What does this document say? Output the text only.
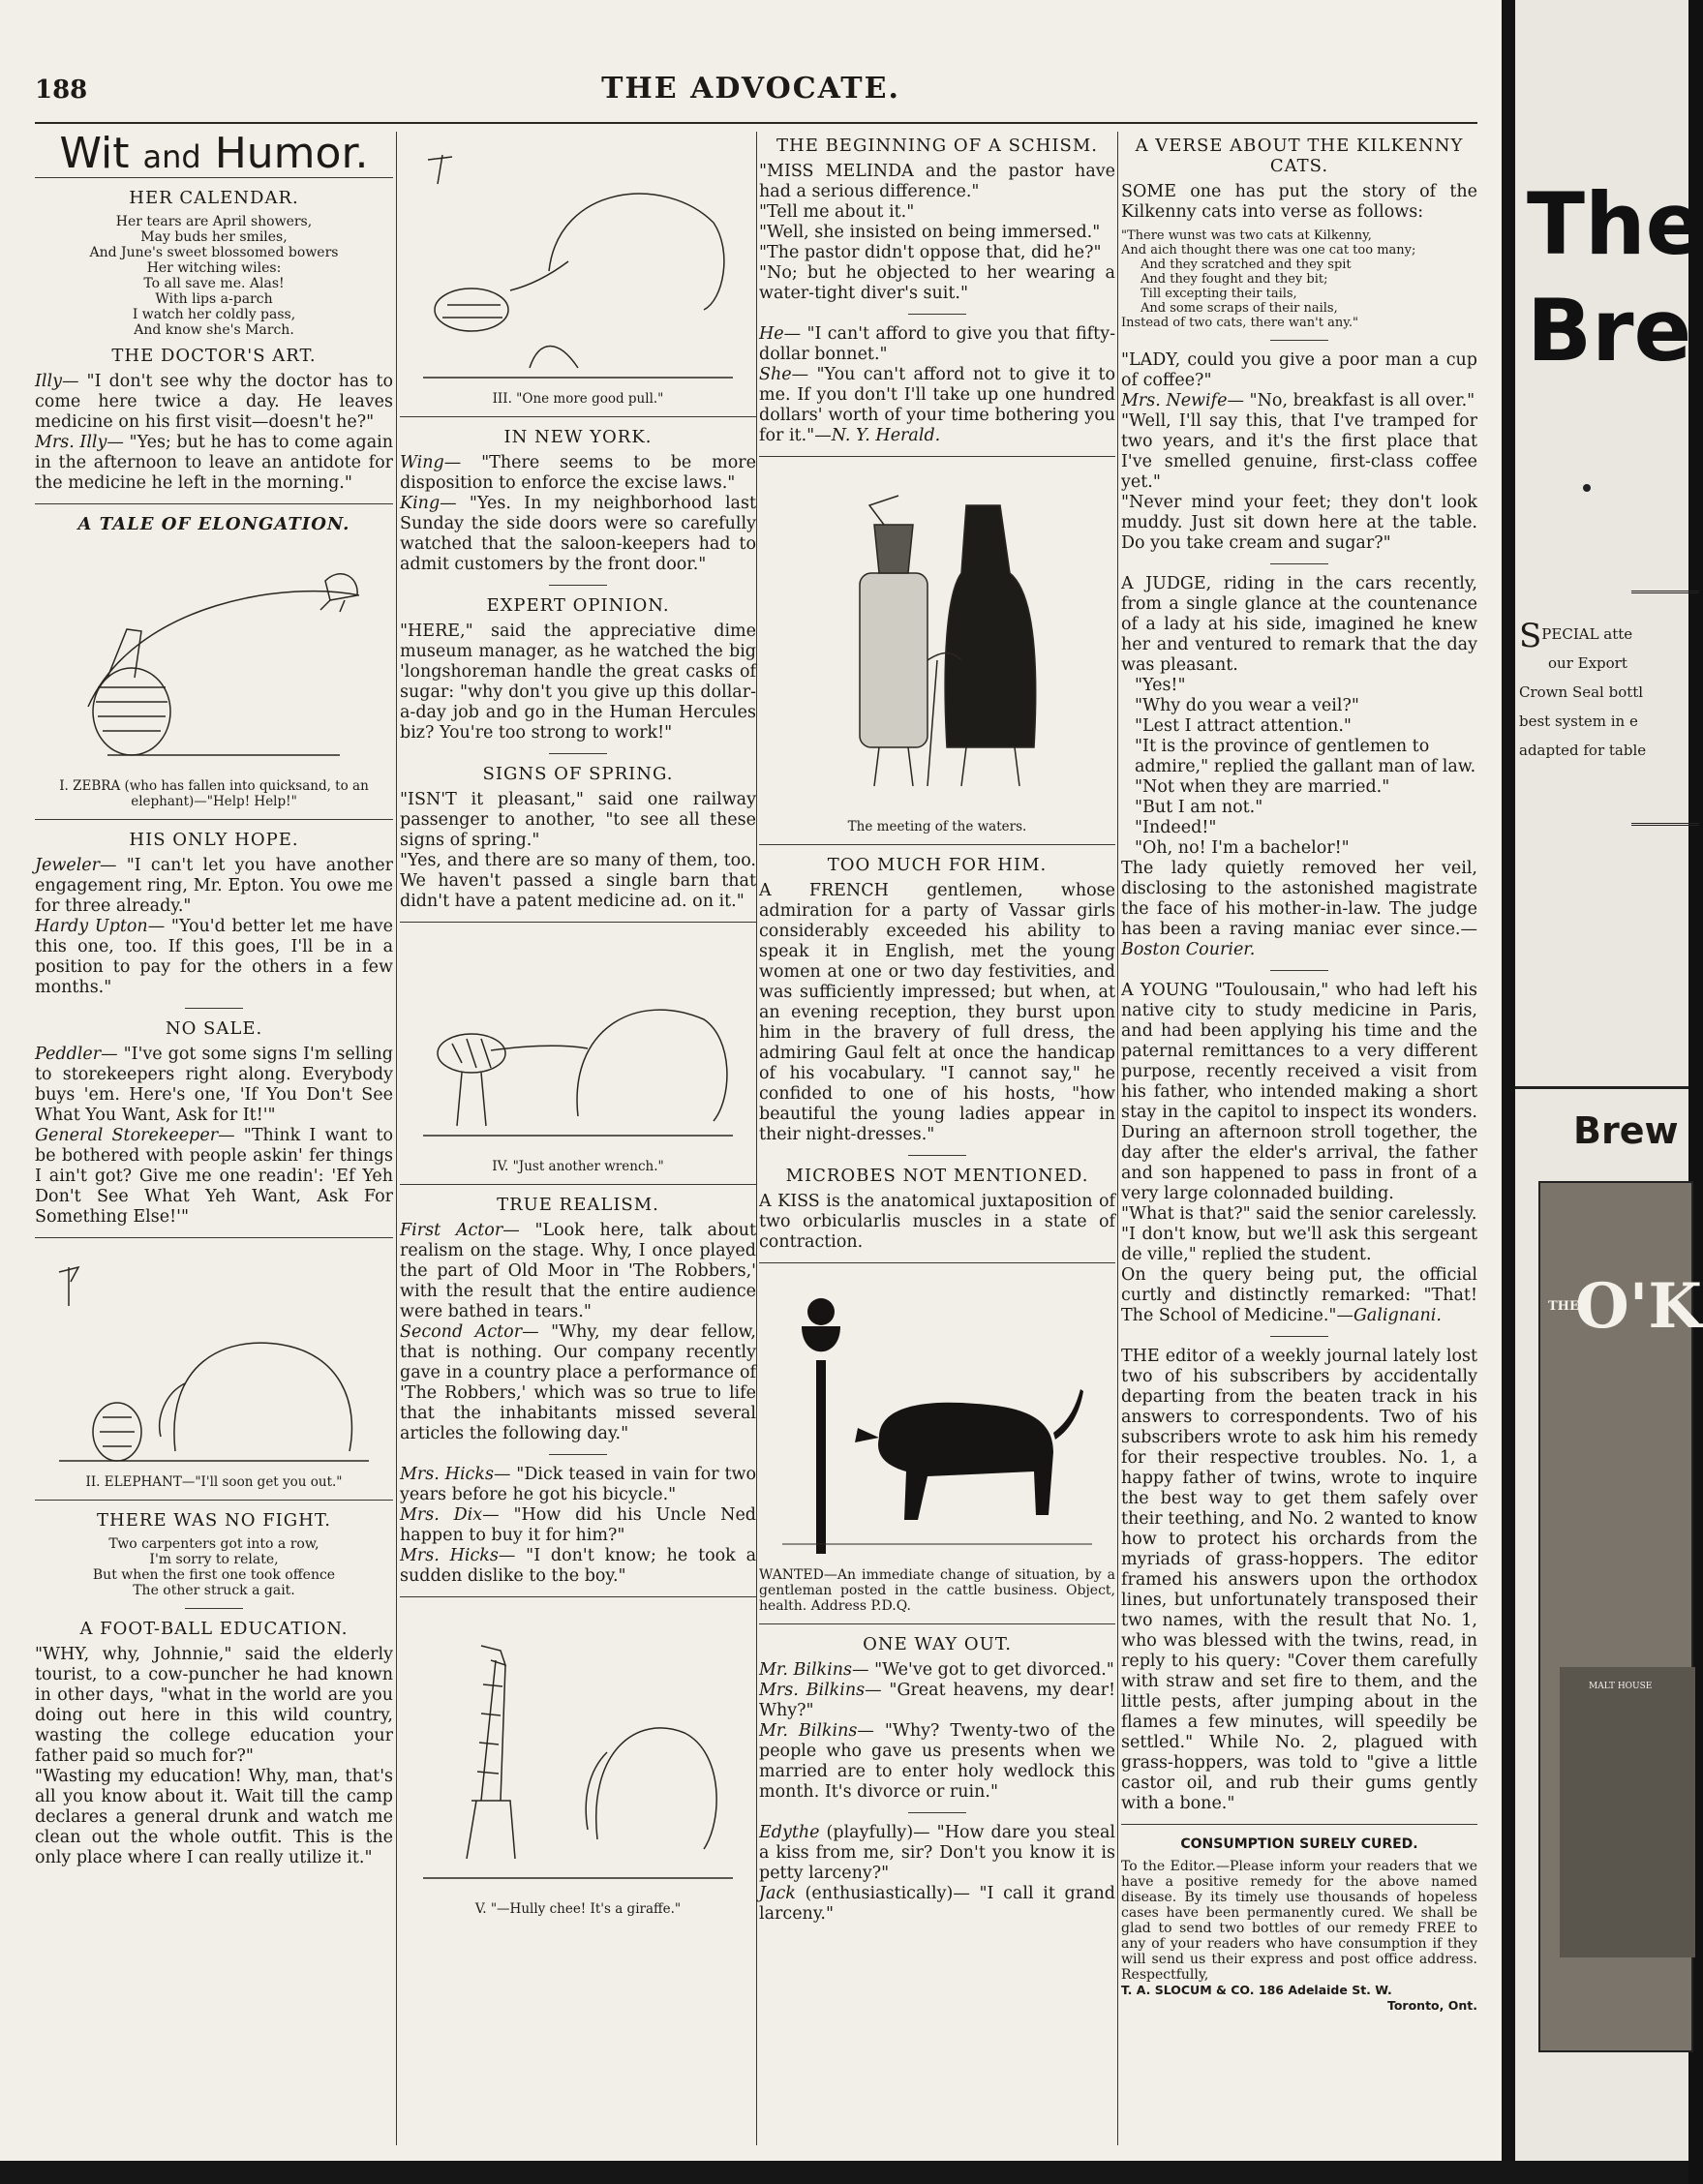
188	THE ADVOCATE.
Wit and Humor.
HER CALENDAR.
Her tears are April showers,
May buds her smiles,
And June's sweet blossomed bowers
Her witching wiles:
To all save me. Alas!
With lips a-parch
I watch her coldly pass,
And know she's March.
THE DOCTOR'S ART.

Illy— "I don't see why the doctor has to come here twice a day. He leaves medicine on his first visit—doesn't he?"

Mrs. Illy— "Yes; but he has to come again in the afternoon to leave an antidote for the medicine he left in the morning."

A TALE OF ELONGATION.
I. ZEBRA (who has fallen into quicksand, to an elephant)—"Help! Help!"
HIS ONLY HOPE.

Jeweler— "I can't let you have another engagement ring, Mr. Epton. You owe me for three already."

Hardy Upton— "You'd better let me have this one, too. If this goes, I'll be in a position to pay for the others in a few months."

NO SALE.

Peddler— "I've got some signs I'm selling to storekeepers right along. Everybody buys 'em. Here's one, 'If You Don't See What You Want, Ask for It!'"

General Storekeeper— "Think I want to be bothered with people askin' fer things I ain't got? Give me one readin': 'Ef Yeh Don't See What Yeh Want, Ask For Something Else!'"

II. ELEPHANT—"I'll soon get you out."
THERE WAS NO FIGHT.
Two carpenters got into a row,
I'm sorry to relate,
But when the first one took offence
The other struck a gait.
A FOOT-BALL EDUCATION.

"WHY, why, Johnnie," said the elderly tourist, to a cow-puncher he had known in other days, "what in the world are you doing out here in this wild country, wasting the college education your father paid so much for?"

"Wasting my education! Why, man, that's all you know about it. Wait till the camp declares a general drunk and watch me clean out the whole outfit. This is the only place where I can really utilize it."

III. "One more good pull."
IN NEW YORK.

Wing— "There seems to be more disposition to enforce the excise laws."

King— "Yes. In my neighborhood last Sunday the side doors were so carefully watched that the saloon-keepers had to admit customers by the front door."

EXPERT OPINION.

"HERE," said the appreciative dime museum manager, as he watched the big 'longshoreman handle the great casks of sugar: "why don't you give up this dollar-a-day job and go in the Human Hercules biz? You're too strong to work!"

SIGNS OF SPRING.

"ISN'T it pleasant," said one railway passenger to another, "to see all these signs of spring."

"Yes, and there are so many of them, too. We haven't passed a single barn that didn't have a patent medicine ad. on it."

IV. "Just another wrench."
TRUE REALISM.

First Actor— "Look here, talk about realism on the stage. Why, I once played the part of Old Moor in 'The Robbers,' with the result that the entire audience were bathed in tears."

Second Actor— "Why, my dear fellow, that is nothing. Our company recently gave in a country place a performance of 'The Robbers,' which was so true to life that the inhabitants missed several articles the following day."

Mrs. Hicks— "Dick teased in vain for two years before he got his bicycle."

Mrs. Dix— "How did his Uncle Ned happen to buy it for him?"

Mrs. Hicks— "I don't know; he took a sudden dislike to the boy."

V. "—Hully chee! It's a giraffe."
THE BEGINNING OF A SCHISM.

"MISS MELINDA and the pastor have had a serious difference."

"Tell me about it."

"Well, she insisted on being immersed."

"The pastor didn't oppose that, did he?"

"No; but he objected to her wearing a water-tight diver's suit."

He— "I can't afford to give you that fifty-dollar bonnet."

She— "You can't afford not to give it to me. If you don't I'll take up one hundred dollars' worth of your time bothering you for it."—N. Y. Herald.

The meeting of the waters.
TOO MUCH FOR HIM.

A FRENCH gentlemen, whose admiration for a party of Vassar girls considerably exceeded his ability to speak it in English, met the young women at one or two day festivities, and was sufficiently impressed; but when, at an evening reception, they burst upon him in the bravery of full dress, the admiring Gaul felt at once the handicap of his vocabulary. "I cannot say," he confided to one of his hosts, "how beautiful the young ladies appear in their night-dresses."

MICROBES NOT MENTIONED.

A KISS is the anatomical juxtaposition of two orbicularlis muscles in a state of contraction.

WANTED—An immediate change of situation, by a gentleman posted in the cattle business. Object, health. Address P.D.Q.

ONE WAY OUT.

Mr. Bilkins— "We've got to get divorced."

Mrs. Bilkins— "Great heavens, my dear! Why?"

Mr. Bilkins— "Why? Twenty-two of the people who gave us presents when we married are to enter holy wedlock this month. It's divorce or ruin."

Edythe (playfully)— "How dare you steal a kiss from me, sir? Don't you know it is petty larceny?"

Jack (enthusiastically)— "I call it grand larceny."

A VERSE ABOUT THE KILKENNY CATS.

SOME one has put the story of the Kilkenny cats into verse as follows:

"There wunst was two cats at Kilkenny,
And aich thought there was one cat too many;
And they scratched and they spit
And they fought and they bit;
Till excepting their tails,
And some scraps of their nails,
Instead of two cats, there wan't any."

"LADY, could you give a poor man a cup of coffee?"

Mrs. Newife— "No, breakfast is all over."

"Well, I'll say this, that I've tramped for two years, and it's the first place that I've smelled genuine, first-class coffee yet."

"Never mind your feet; they don't look muddy. Just sit down here at the table. Do you take cream and sugar?"

A JUDGE, riding in the cars recently, from a single glance at the countenance of a lady at his side, imagined he knew her and ventured to remark that the day was pleasant.

"Yes!"
"Why do you wear a veil?"
"Lest I attract attention."
"It is the province of gentlemen to admire," replied the gallant man of law.
"Not when they are married."
"But I am not."
"Indeed!"
"Oh, no! I'm a bachelor!"

The lady quietly removed her veil, disclosing to the astonished magistrate the face of his mother-in-law. The judge has been a raving maniac ever since.—Boston Courier.

A YOUNG "Toulousain," who had left his native city to study medicine in Paris, and had been applying his time and the paternal remittances to a very different purpose, recently received a visit from his father, who intended making a short stay in the capitol to inspect its wonders. During an afternoon stroll together, the day after the elder's arrival, the father and son happened to pass in front of a very large colonnaded building.

"What is that?" said the senior carelessly.

"I don't know, but we'll ask this sergeant de ville," replied the student.

On the query being put, the official curtly and distinctly remarked: "That! The School of Medicine."—Galignani.

THE editor of a weekly journal lately lost two of his subscribers by accidentally departing from the beaten track in his answers to correspondents. Two of his subscribers wrote to ask him his remedy for their respective troubles. No. 1, a happy father of twins, wrote to inquire the best way to get them safely over their teething, and No. 2 wanted to know how to protect his orchards from the myriads of grass-hoppers. The editor framed his answers upon the orthodox lines, but unfortunately transposed their two names, with the result that No. 1, who was blessed with the twins, read, in reply to his query: "Cover them carefully with straw and set fire to them, and the little pests, after jumping about in the flames a few minutes, will speedily be settled." While No. 2, plagued with grass-hoppers, was told to "give a little castor oil, and rub their gums gently with a bone."

CONSUMPTION SURELY CURED.

To the Editor.—Please inform your readers that we have a positive remedy for the above named disease. By its timely use thousands of hopeless cases have been permanently cured. We shall be glad to send two bottles of our remedy FREE to any of your readers who have consumption if they will send us their express and post office address. Respectfully,

T. A. SLOCUM & CO. 186 Adelaide St. W.
Toronto, Ont.
The
Bre
SPECIAL atte
our Export
Crown Seal bottl
best system in e
adapted for table
Brew
THE
O'K
MALT HOUSE
